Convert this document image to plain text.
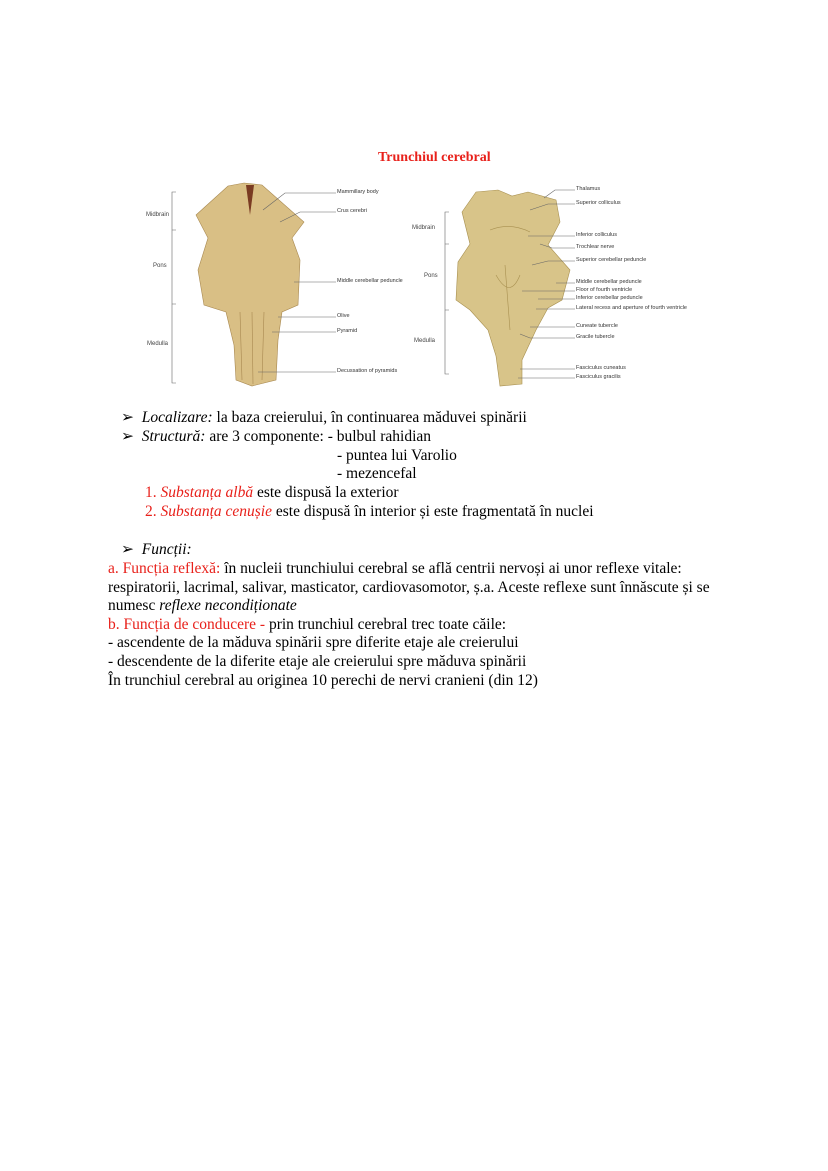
Trunchiul cerebral
Midbrain
Pons
Medulla
Mammillary body
Crus cerebri
Middle cerebellar peduncle
Olive
Pyramid
Decussation of pyramids
Midbrain
Pons
Medulla
Thalamus
Superior colliculus
Inferior colliculus
Trochlear nerve
Superior cerebellar peduncle
Middle cerebellar peduncle
Floor of fourth ventricle
Inferior cerebellar peduncle
Lateral recess and aperture of fourth ventricle
Cuneate tubercle
Gracile tubercle
Fasciculus cuneatus
Fasciculus gracilis
➢ Localizare: la baza creierului, în continuarea măduvei spinării
➢ Structură: are 3 componente: - bulbul rahidian
- puntea lui Varolio
- mezencefal
1. Substanța albă este dispusă la exterior
2. Substanța cenușie este dispusă în interior și este fragmentată în nuclei
➢ Funcții:
a. Funcția reflexă: în nucleii trunchiului cerebral se află centrii nervoși ai unor reflexe vitale:
respiratorii, lacrimal, salivar, masticator, cardiovasomotor, ș.a. Aceste reflexe sunt înnăscute și se
numesc reflexe necondiționate
b. Funcția de conducere - prin trunchiul cerebral trec toate căile:
- ascendente de la măduva spinării spre diferite etaje ale creierului
- descendente de la diferite etaje ale creierului spre măduva spinării
În trunchiul cerebral au originea 10 perechi de nervi cranieni (din 12)
